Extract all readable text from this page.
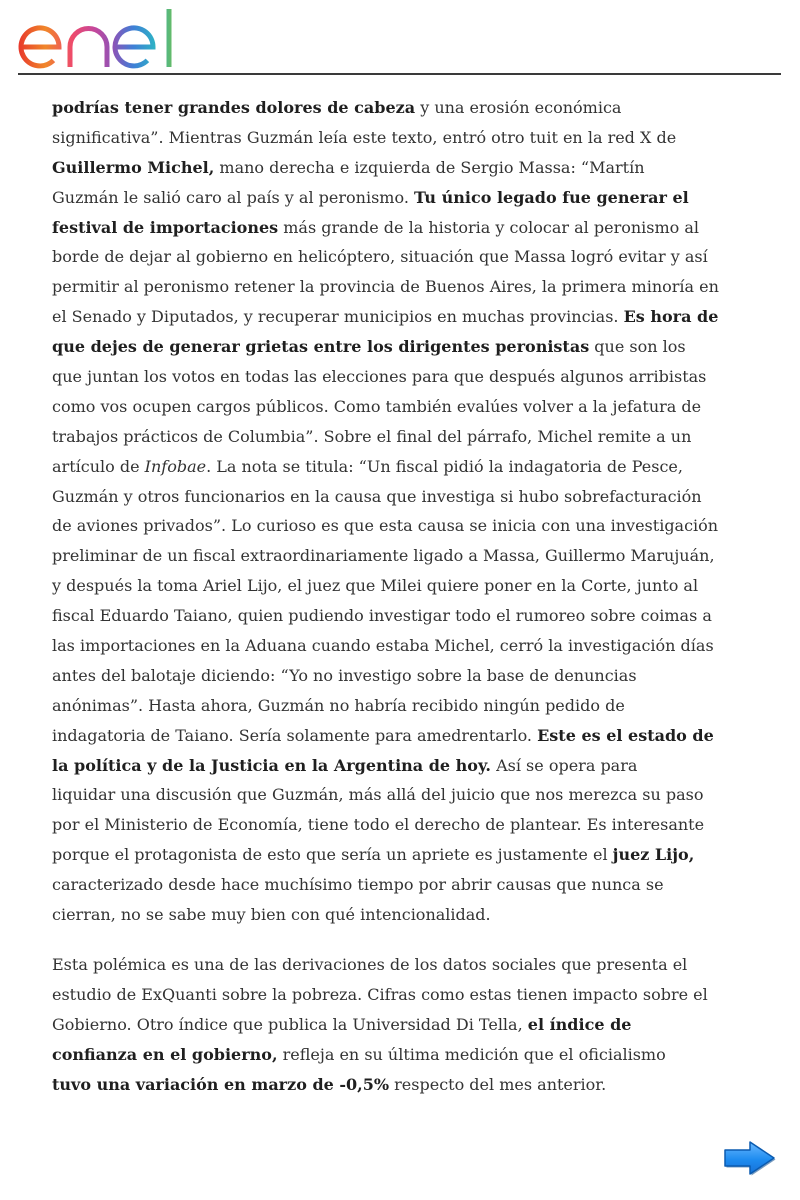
podrías tener grandes dolores de cabeza y una erosión económica
significativa”. Mientras Guzmán leía este texto, entró otro tuit en la red X de
Guillermo Michel, mano derecha e izquierda de Sergio Massa: “Martín
Guzmán le salió caro al país y al peronismo. Tu único legado fue generar el
festival de importaciones más grande de la historia y colocar al peronismo al
borde de dejar al gobierno en helicóptero, situación que Massa logró evitar y así
permitir al peronismo retener la provincia de Buenos Aires, la primera minoría en
el Senado y Diputados, y recuperar municipios en muchas provincias. Es hora de
que dejes de generar grietas entre los dirigentes peronistas que son los
que juntan los votos en todas las elecciones para que después algunos arribistas
como vos ocupen cargos públicos. Como también evalúes volver a la jefatura de
trabajos prácticos de Columbia”. Sobre el final del párrafo, Michel remite a un
artículo de Infobae. La nota se titula: “Un fiscal pidió la indagatoria de Pesce,
Guzmán y otros funcionarios en la causa que investiga si hubo sobrefacturación
de aviones privados”. Lo curioso es que esta causa se inicia con una investigación
preliminar de un fiscal extraordinariamente ligado a Massa, Guillermo Marujuán,
y después la toma Ariel Lijo, el juez que Milei quiere poner en la Corte, junto al
fiscal Eduardo Taiano, quien pudiendo investigar todo el rumoreo sobre coimas a
las importaciones en la Aduana cuando estaba Michel, cerró la investigación días
antes del balotaje diciendo: “Yo no investigo sobre la base de denuncias
anónimas”. Hasta ahora, Guzmán no habría recibido ningún pedido de
indagatoria de Taiano. Sería solamente para amedrentarlo. Este es el estado de
la política y de la Justicia en la Argentina de hoy. Así se opera para
liquidar una discusión que Guzmán, más allá del juicio que nos merezca su paso
por el Ministerio de Economía, tiene todo el derecho de plantear. Es interesante
porque el protagonista de esto que sería un apriete es justamente el juez Lijo,
caracterizado desde hace muchísimo tiempo por abrir causas que nunca se
cierran, no se sabe muy bien con qué intencionalidad.
Esta polémica es una de las derivaciones de los datos sociales que presenta el
estudio de ExQuanti sobre la pobreza. Cifras como estas tienen impacto sobre el
Gobierno. Otro índice que publica la Universidad Di Tella, el índice de
confianza en el gobierno, refleja en su última medición que el oficialismo
tuvo una variación en marzo de -0,5% respecto del mes anterior.
